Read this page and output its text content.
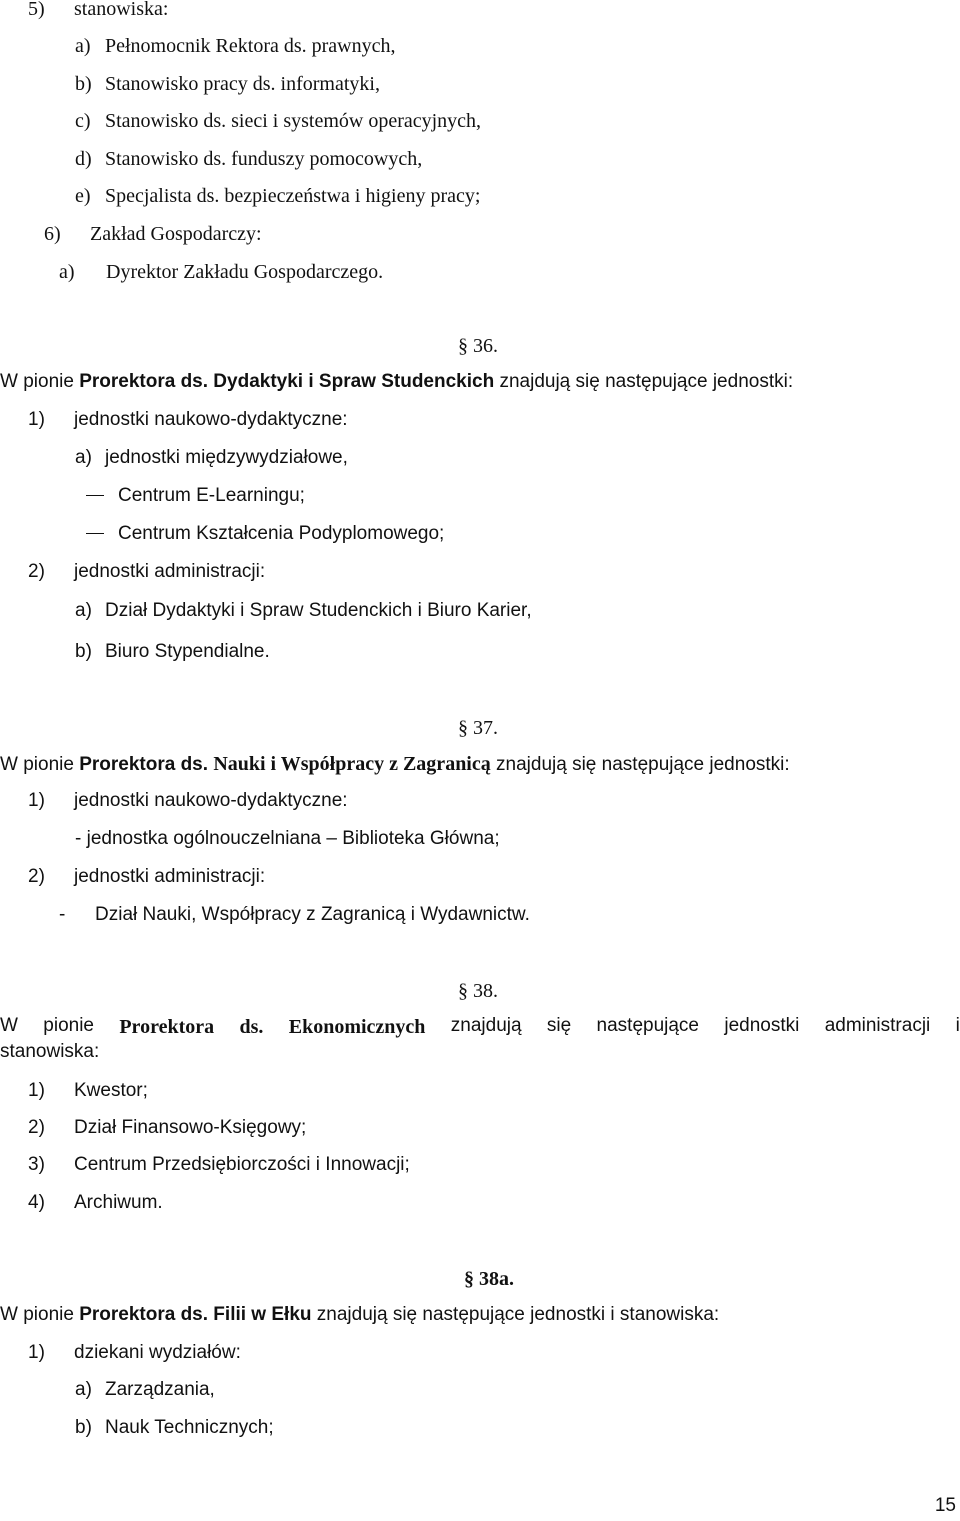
5) stanowiska:
a) Pełnomocnik Rektora ds. prawnych,
b) Stanowisko pracy ds. informatyki,
c) Stanowisko ds. sieci i systemów operacyjnych,
d) Stanowisko ds. funduszy pomocowych,
e) Specjalista ds. bezpieczeństwa i higieny pracy;
6) Zakład Gospodarczy:
a) Dyrektor Zakładu Gospodarczego.
§ 36.
W pionie Prorektora ds. Dydaktyki i Spraw Studenckich znajdują się następujące jednostki:
1) jednostki naukowo-dydaktyczne:
a) jednostki międzywydziałowe,
Centrum E-Learningu;
Centrum Kształcenia Podyplomowego;
2) jednostki administracji:
a) Dział Dydaktyki i Spraw Studenckich i Biuro Karier,
b) Biuro Stypendialne.
§ 37.
W pionie Prorektora ds. Nauki i Współpracy z Zagranicą znajdują się następujące jednostki:
1) jednostki naukowo-dydaktyczne:
- jednostka ogólnouczelniana – Biblioteka Główna;
2) jednostki administracji:
- Dział Nauki, Współpracy z Zagranicą i Wydawnictw.
§ 38.
W pionie Prorektora ds. Ekonomicznych znajdują się następujące jednostki administracji i
stanowiska:
1) Kwestor;
2) Dział Finansowo-Księgowy;
3) Centrum Przedsiębiorczości i Innowacji;
4) Archiwum.
§ 38a.
W pionie Prorektora ds. Filii w Ełku znajdują się następujące jednostki i stanowiska:
1) dziekani wydziałów:
a) Zarządzania,
b) Nauk Technicznych;
15
